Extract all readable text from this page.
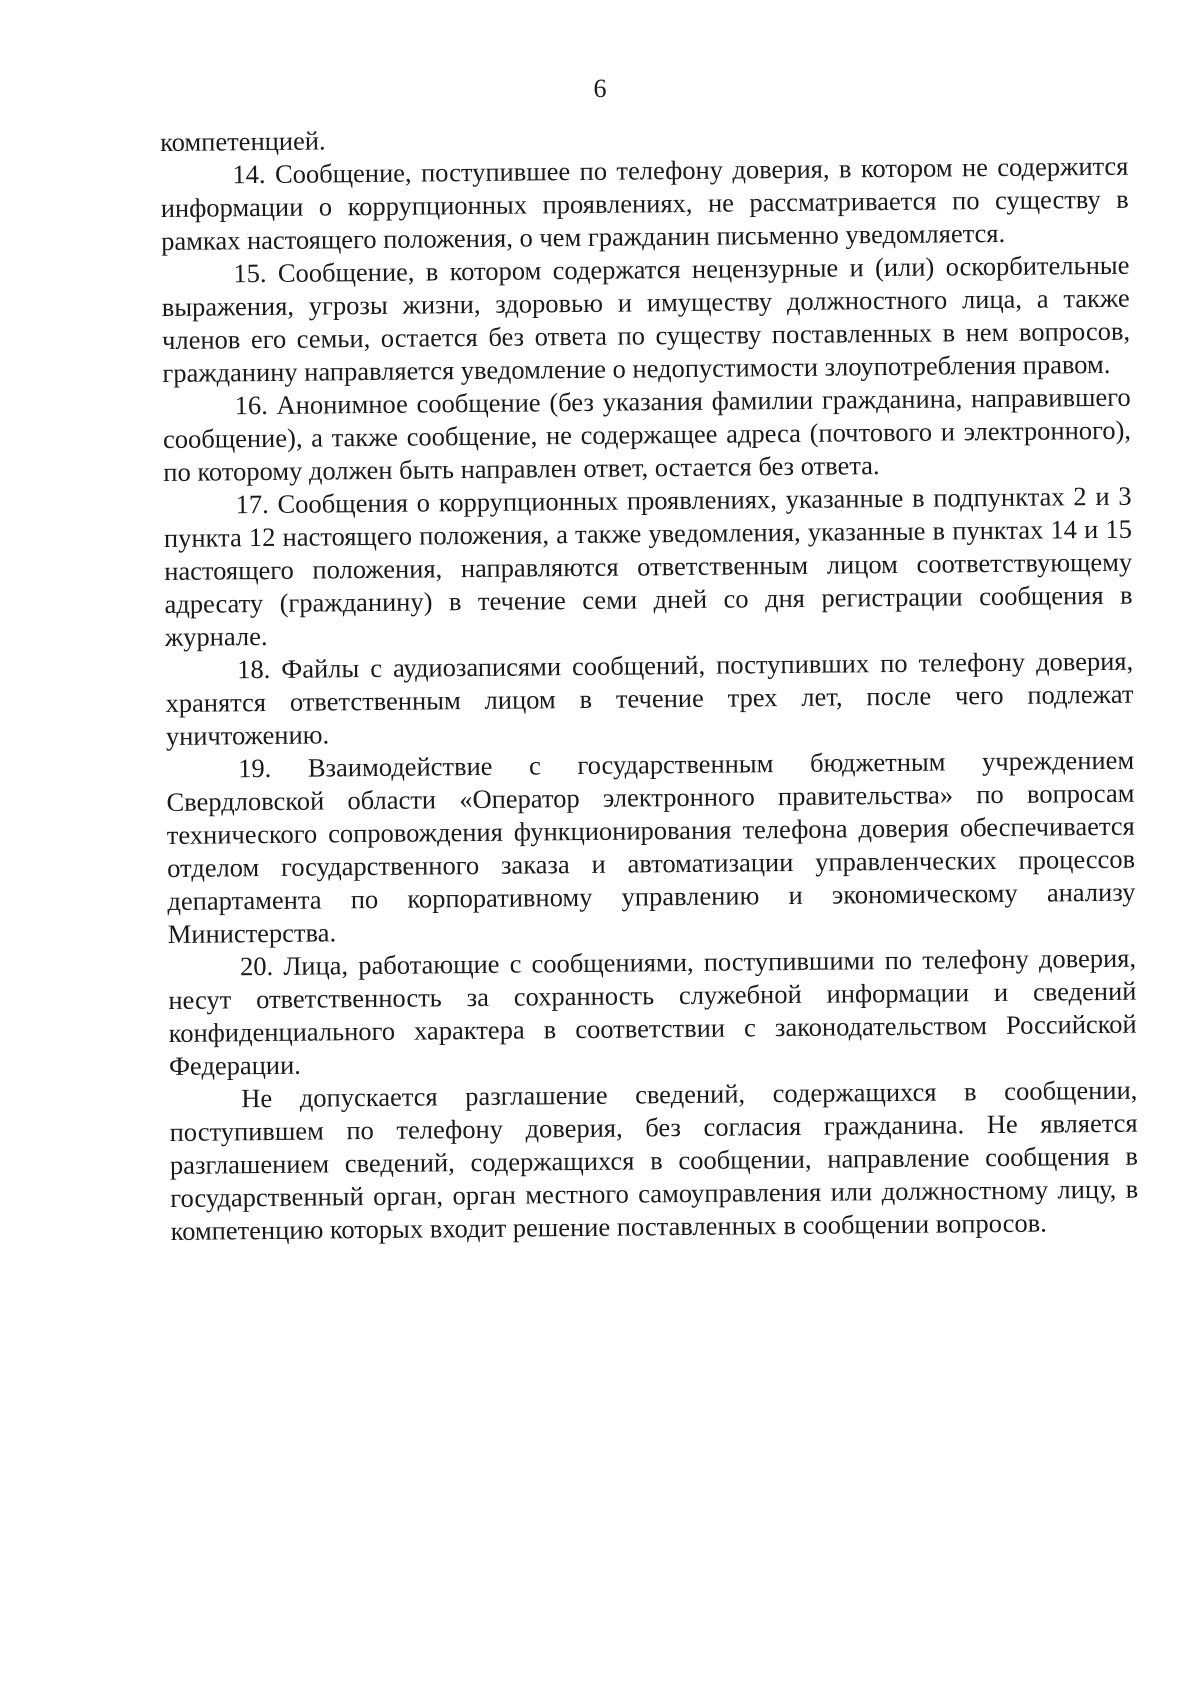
6

компетенцией.

14. Сообщение, поступившее по телефону доверия, в котором не содержится информации о коррупционных проявлениях, не рассматривается по существу в рамках настоящего положения, о чем гражданин письменно уведомляется.

15. Сообщение, в котором содержатся нецензурные и (или) оскорбительные выражения, угрозы жизни, здоровью и имуществу должностного лица, а также членов его семьи, остается без ответа по существу поставленных в нем вопросов, гражданину направляется уведомление о недопустимости злоупотребления правом.

16. Анонимное сообщение (без указания фамилии гражданина, направившего сообщение), а также сообщение, не содержащее адреса (почтового и электронного), по которому должен быть направлен ответ, остается без ответа.

17. Сообщения о коррупционных проявлениях, указанные в подпунктах 2 и 3 пункта 12 настоящего положения, а также уведомления, указанные в пунктах 14 и 15 настоящего положения, направляются ответственным лицом соответствующему адресату (гражданину) в течение семи дней со дня регистрации сообщения в журнале.

18. Файлы с аудиозаписями сообщений, поступивших по телефону доверия, хранятся ответственным лицом в течение трех лет, после чего подлежат уничтожению.

19. Взаимодействие с государственным бюджетным учреждением Свердловской области «Оператор электронного правительства» по вопросам технического сопровождения функционирования телефона доверия обеспечивается отделом государственного заказа и автоматизации управленческих процессов департамента по корпоративному управлению и экономическому анализу Министерства.

20. Лица, работающие с сообщениями, поступившими по телефону доверия, несут ответственность за сохранность служебной информации и сведений конфиденциального характера в соответствии с законодательством Российской Федерации.

Не допускается разглашение сведений, содержащихся в сообщении, поступившем по телефону доверия, без согласия гражданина. Не является разглашением сведений, содержащихся в сообщении, направление сообщения в государственный орган, орган местного самоуправления или должностному лицу, в компетенцию которых входит решение поставленных в сообщении вопросов.
